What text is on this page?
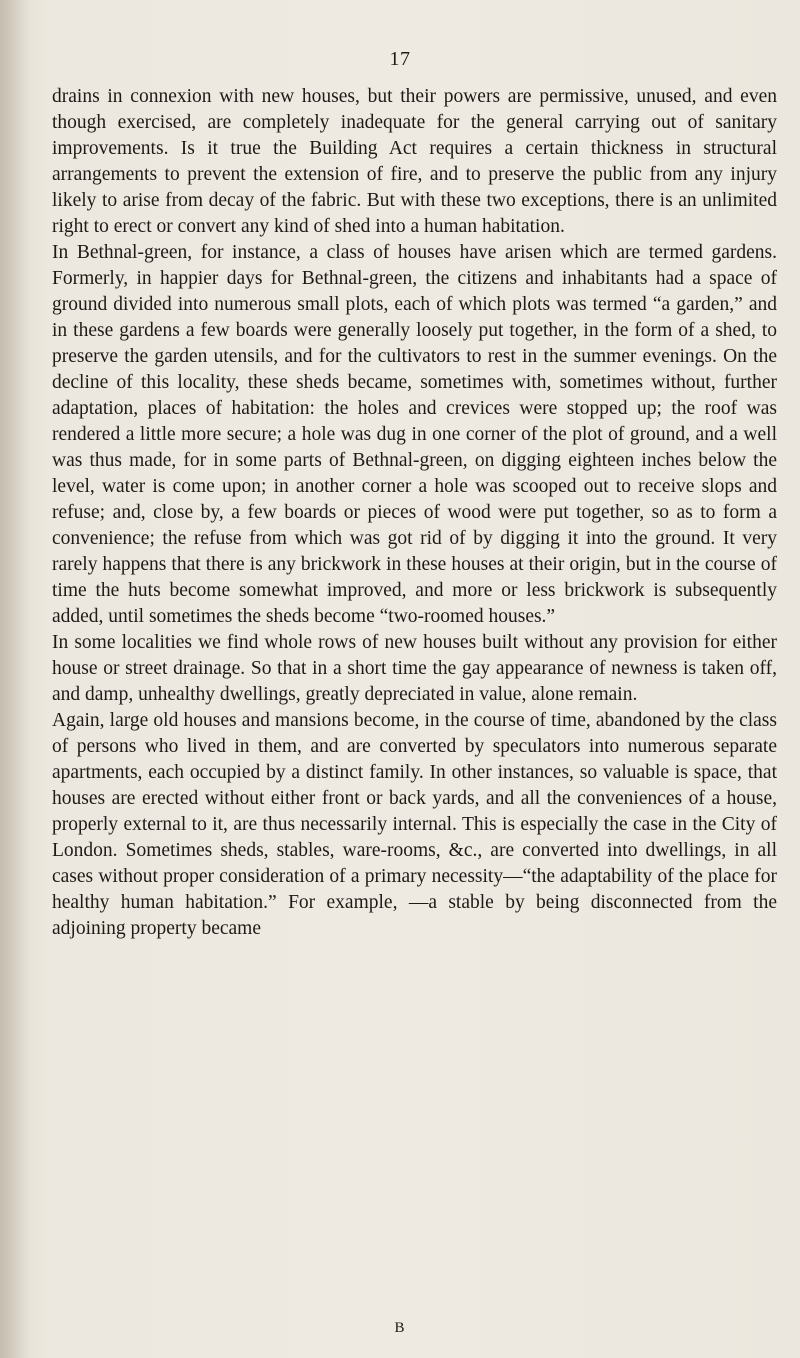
17

drains in connexion with new houses, but their powers are permissive, unused, and even though exercised, are completely inadequate for the general carrying out of sanitary improvements. Is it true the Building Act requires a certain thickness in structural arrangements to prevent the extension of fire, and to preserve the public from any injury likely to arise from decay of the fabric. But with these two exceptions, there is an unlimited right to erect or convert any kind of shed into a human habitation.

In Bethnal-green, for instance, a class of houses have arisen which are termed gardens. Formerly, in happier days for Bethnal-green, the citizens and inhabitants had a space of ground divided into numerous small plots, each of which plots was termed “a garden,” and in these gardens a few boards were generally loosely put together, in the form of a shed, to preserve the garden utensils, and for the cultivators to rest in the summer evenings. On the decline of this locality, these sheds became, sometimes with, sometimes without, further adaptation, places of habitation: the holes and crevices were stopped up; the roof was rendered a little more secure; a hole was dug in one corner of the plot of ground, and a well was thus made, for in some parts of Bethnal-green, on digging eighteen inches below the level, water is come upon; in another corner a hole was scooped out to receive slops and refuse; and, close by, a few boards or pieces of wood were put together, so as to form a convenience; the refuse from which was got rid of by digging it into the ground. It very rarely happens that there is any brickwork in these houses at their origin, but in the course of time the huts become somewhat improved, and more or less brickwork is subsequently added, until sometimes the sheds become “two-roomed houses.”

In some localities we find whole rows of new houses built without any provision for either house or street drainage. So that in a short time the gay appearance of newness is taken off, and damp, unhealthy dwellings, greatly depreciated in value, alone remain.

Again, large old houses and mansions become, in the course of time, abandoned by the class of persons who lived in them, and are converted by speculators into numerous separate apartments, each occupied by a distinct family. In other instances, so valuable is space, that houses are erected without either front or back yards, and all the conveniences of a house, properly external to it, are thus necessarily internal. This is especially the case in the City of London. Sometimes sheds, stables, ware-rooms, &c., are converted into dwellings, in all cases without proper consideration of a primary necessity—“the adaptability of the place for healthy human habitation.” For example, —a stable by being disconnected from the adjoining property became

B
